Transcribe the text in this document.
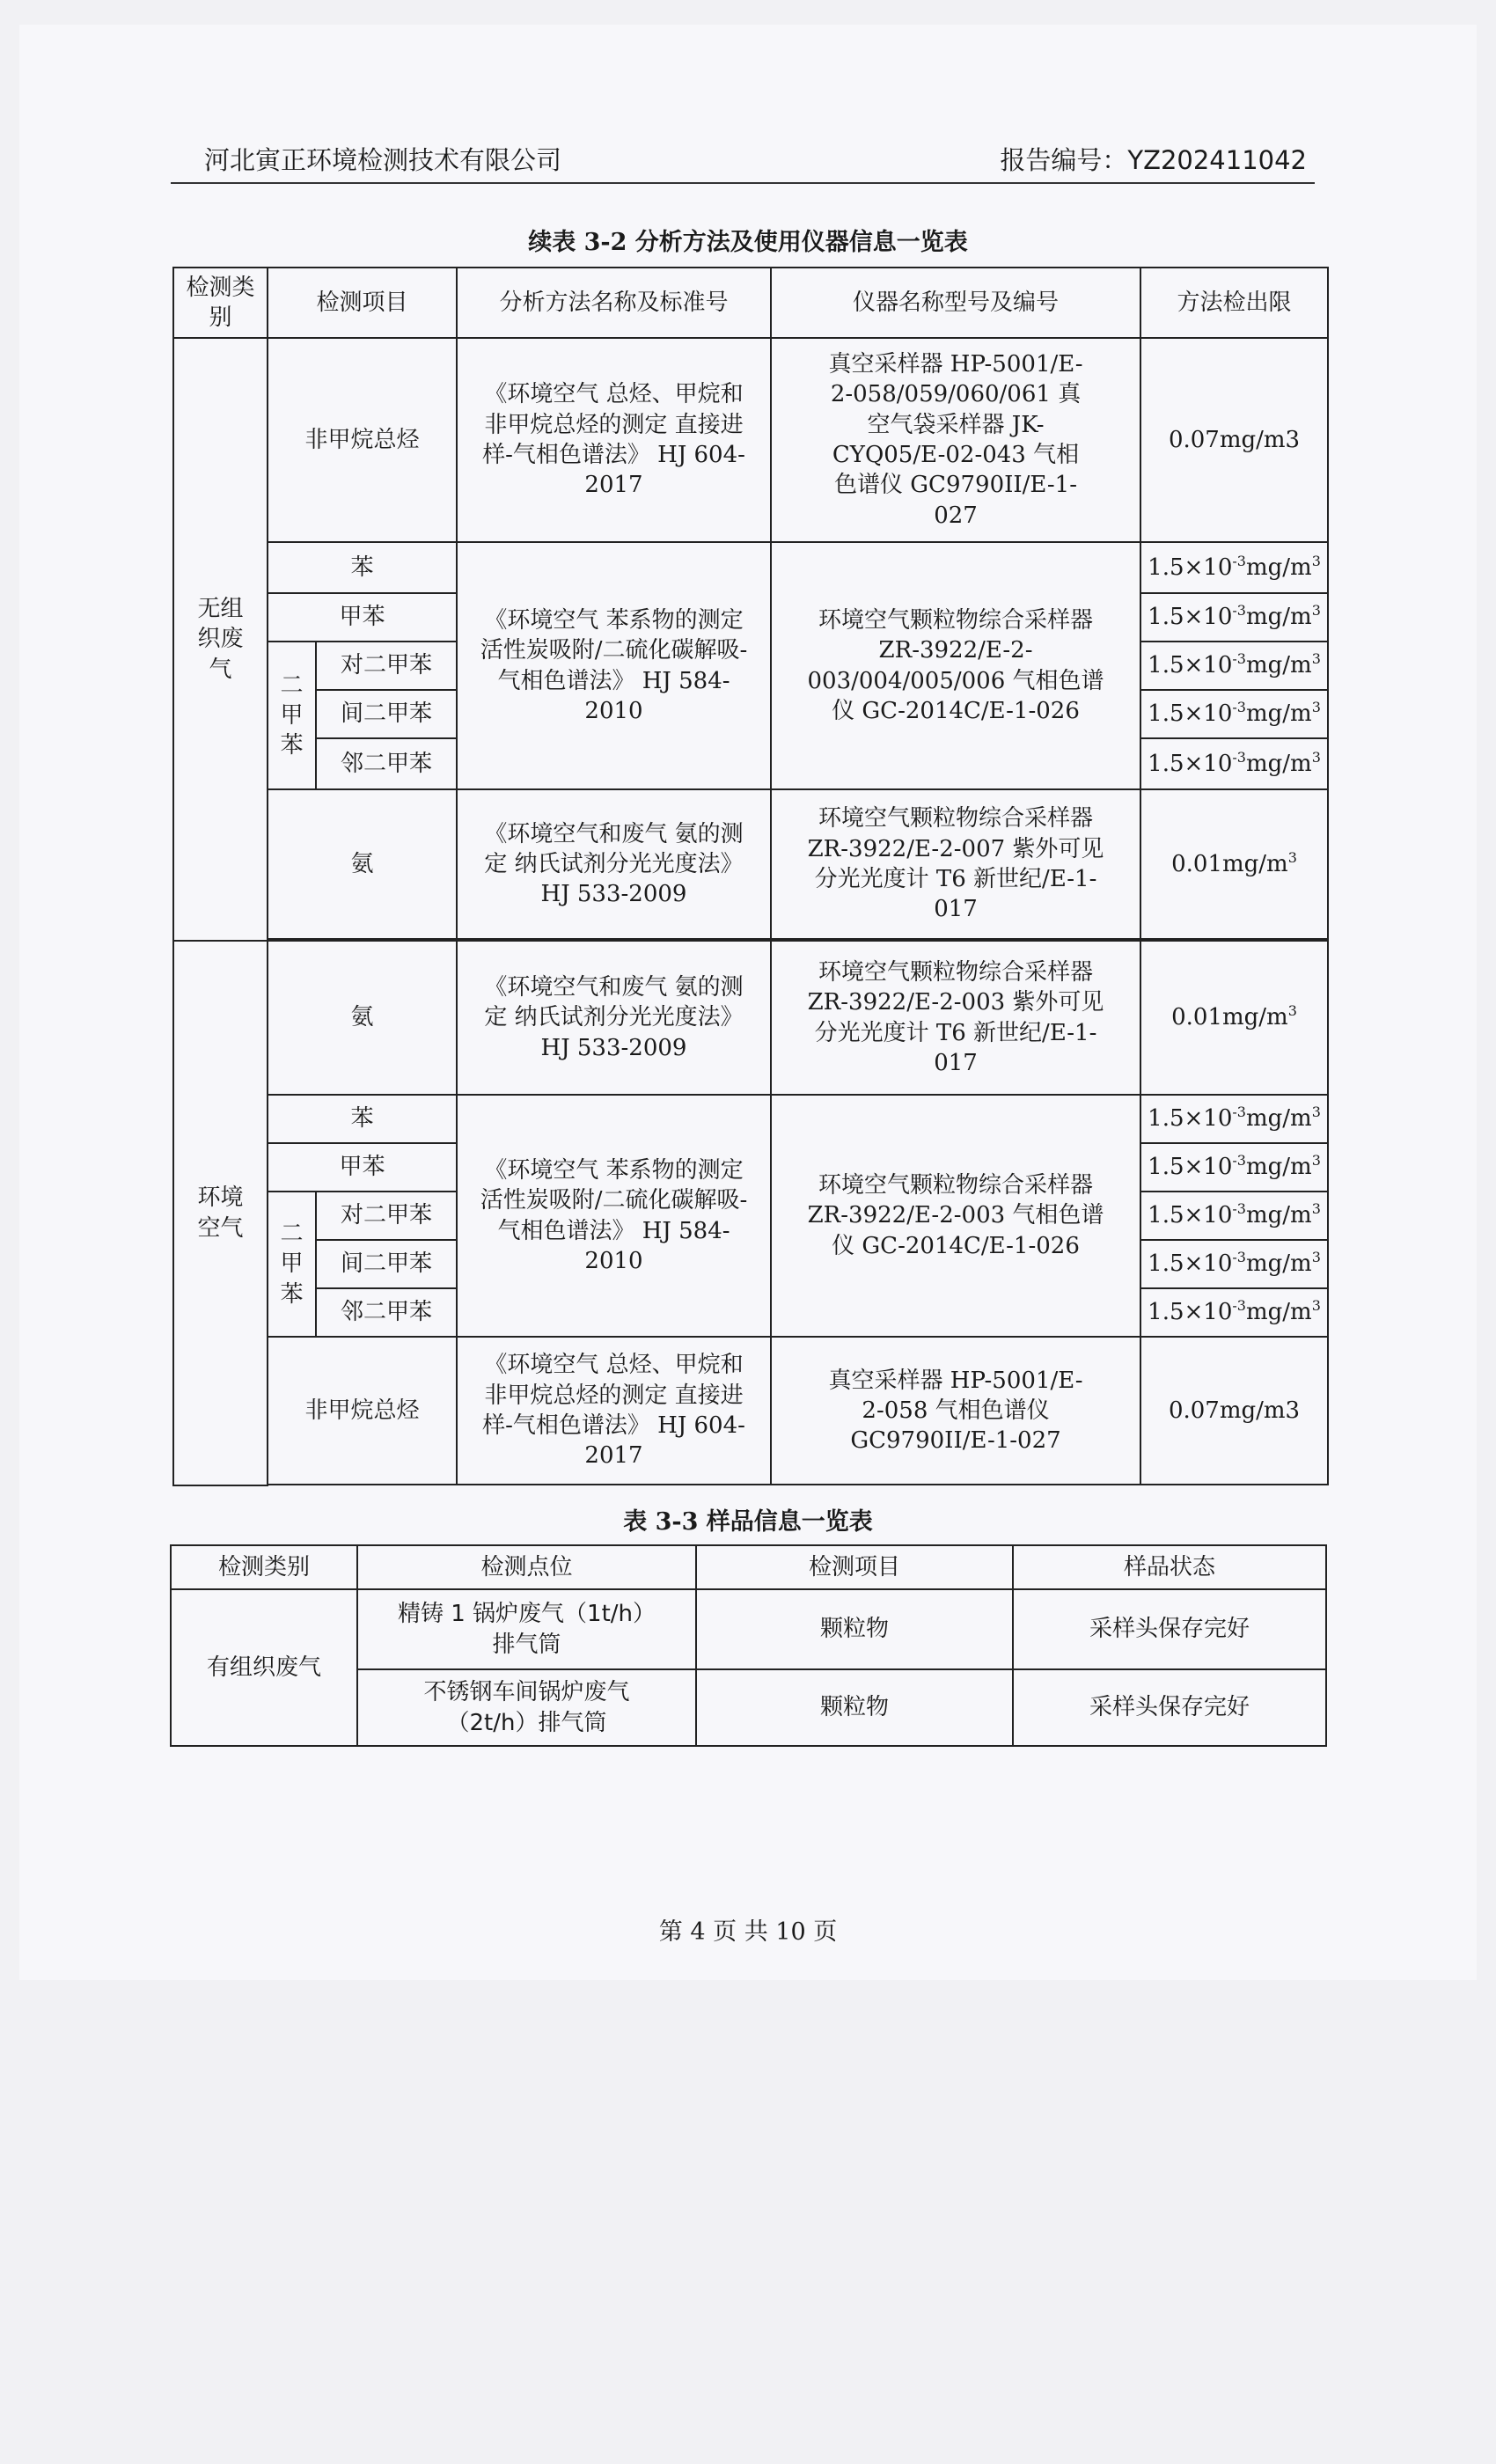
河北寅正环境检测技术有限公司	报告编号：YZ202411042
续表 3-2 分析方法及使用仪器信息一览表
检测类别	检测项目		分析方法名称及标准号	仪器名称型号及编号	方法检出限

无组织废气	非甲烷总烃		《环境空气 总烃、甲烷和非甲烷总烃的测定 直接进样-气相色谱法》 HJ 604-2017	真空采样器 HP-5001/E-2-058/059/060/061 真空气袋采样器 JK-CYQ05/E-02-043 气相色谱仪 GC9790II/E-1-027	0.07mg/m3
	苯		《环境空气 苯系物的测定 活性炭吸附/二硫化碳解吸-气相色谱法》 HJ 584-2010	环境空气颗粒物综合采样器 ZR-3922/E-2-003/004/005/006 气相色谱仪 GC-2014C/E-1-026	$1.5\times 10^{-3}mg/m^3$
	甲苯				$1.5\times 10^{-3}mg/m^3$

	二甲苯	对二甲苯			$1.5\times 10^{-3}mg/m^3$
		间二甲苯			$1.5\times 10^{-3}mg/m^3$
		邻二甲苯			$1.5\times 10^{-3}mg/m^3$
	氨		《环境空气和废气 氨的测定 纳氏试剂分光光度法》HJ 533-2009	环境空气颗粒物综合采样器 ZR-3922/E-2-007 紫外可见分光光度计 T6 新世纪/E-1-017	$0.01mg/m^3$

环境空气	氨		《环境空气和废气 氨的测定 纳氏试剂分光光度法》HJ 533-2009	环境空气颗粒物综合采样器 ZR-3922/E-2-003 紫外可见分光光度计 T6 新世纪/E-1-017	$0.01mg/m^3$
	苯		《环境空气 苯系物的测定 活性炭吸附/二硫化碳解吸-气相色谱法》 HJ 584-2010	环境空气颗粒物综合采样器 ZR-3922/E-2-003 气相色谱仪 GC-2014C/E-1-026	$1.5\times 10^{-3}mg/m^3$
	甲苯				$1.5\times 10^{-3}mg/m^3$

	二甲苯	对二甲苯			$1.5\times 10^{-3}mg/m^3$
		间二甲苯			$1.5\times 10^{-3}mg/m^3$
		邻二甲苯			$1.5\times 10^{-3}mg/m^3$
	非甲烷总烃		《环境空气 总烃、甲烷和非甲烷总烃的测定 直接进样-气相色谱法》 HJ 604-2017	真空采样器 HP-5001/E-2-058 气相色谱仪 GC9790II/E-1-027	0.07mg/m3

表 3-3 样品信息一览表
检测类别	检测点位	检测项目	样品状态
有组织废气	精铸 1 锅炉废气（1t/h）排气筒	颗粒物	采样头保存完好

	不锈钢车间锅炉废气（2t/h）排气筒	颗粒物	采样头保存完好
第 4 页 共 10 页
